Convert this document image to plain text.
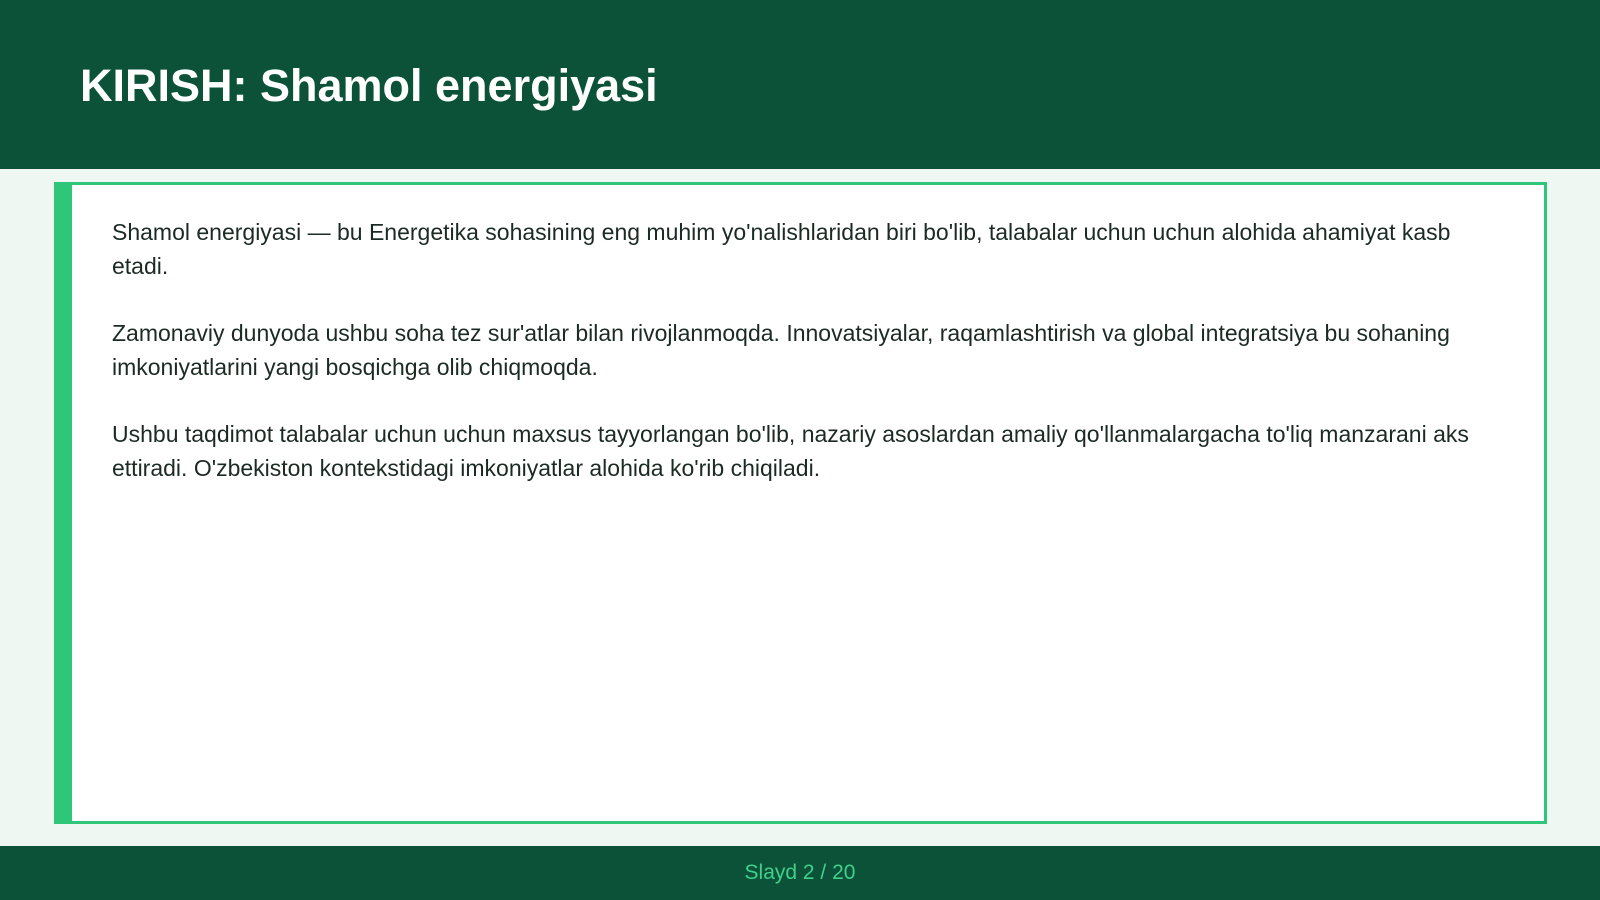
KIRISH: Shamol energiyasi

Shamol energiyasi — bu Energetika sohasining eng muhim yo'nalishlaridan biri bo'lib, talabalar uchun uchun alohida ahamiyat kasb etadi.

Zamonaviy dunyoda ushbu soha tez sur'atlar bilan rivojlanmoqda. Innovatsiyalar, raqamlashtirish va global integratsiya bu sohaning imkoniyatlarini yangi bosqichga olib chiqmoqda.

Ushbu taqdimot talabalar uchun uchun maxsus tayyorlangan bo'lib, nazariy asoslardan amaliy qo'llanmalargacha to'liq manzarani aks ettiradi. O'zbekiston kontekstidagi imkoniyatlar alohida ko'rib chiqiladi.

Slayd 2 / 20
